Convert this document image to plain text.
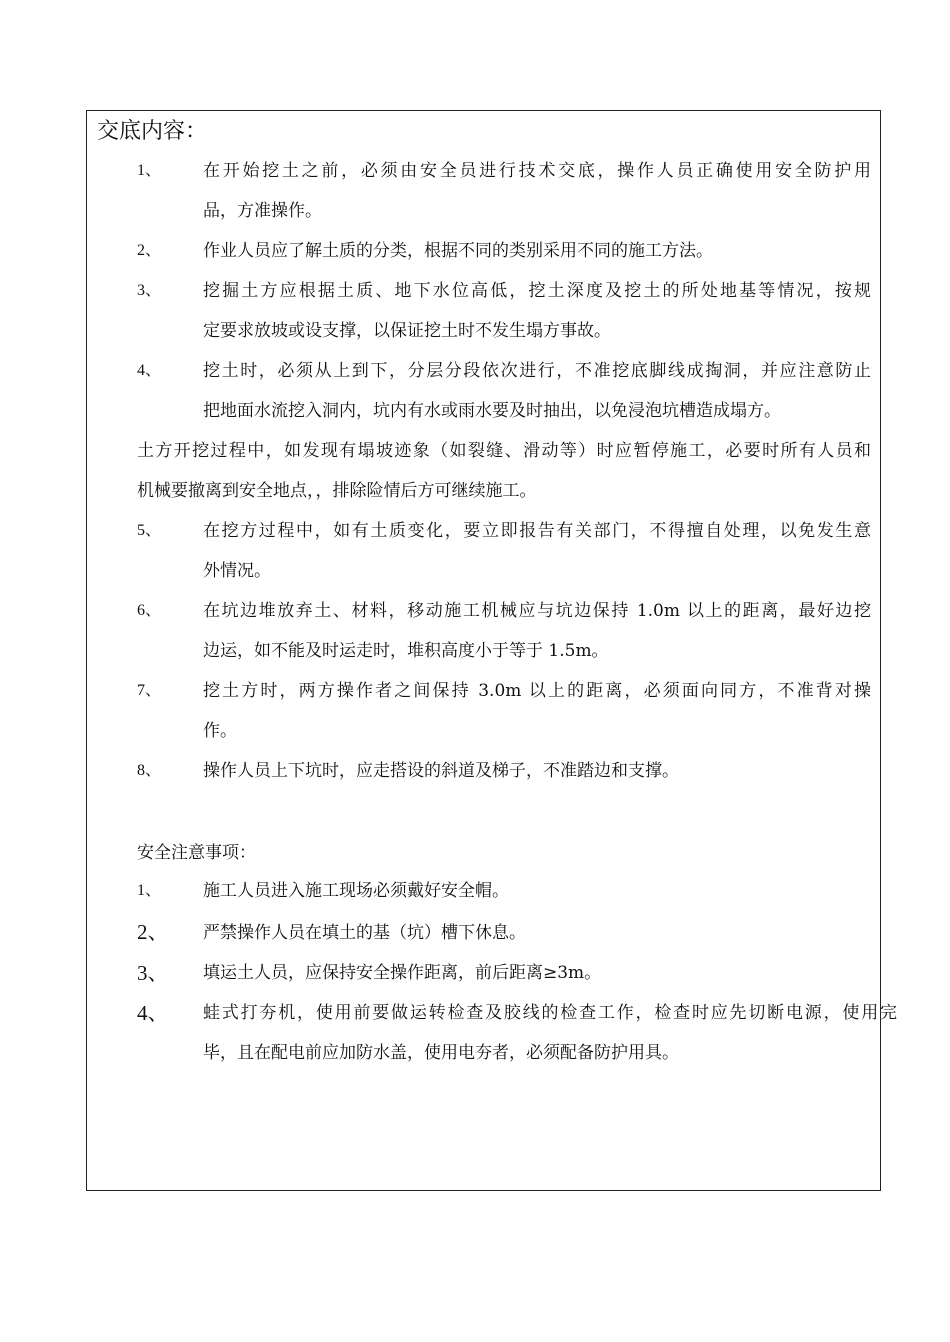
交底内容：
1、 在开始挖土之前，必须由安全员进行技术交底，操作人员正确使用安全防护用
品，方准操作。
2、 作业人员应了解土质的分类，根据不同的类别采用不同的施工方法。
3、 挖掘土方应根据土质、地下水位高低，挖土深度及挖土的所处地基等情况，按规
定要求放坡或设支撑，以保证挖土时不发生塌方事故。
4、 挖土时，必须从上到下，分层分段依次进行，不准挖底脚线成掏洞，并应注意防止
把地面水流挖入洞内，坑内有水或雨水要及时抽出，以免浸泡坑槽造成塌方。
土方开挖过程中，如发现有塌坡迹象（如裂缝、滑动等）时应暂停施工，必要时所有人员和
机械要撤离到安全地点，，排除险情后方可继续施工。
5、 在挖方过程中，如有土质变化，要立即报告有关部门，不得擅自处理，以免发生意
外情况。
6、 在坑边堆放弃土、材料，移动施工机械应与坑边保持 1.0m 以上的距离，最好边挖
边运，如不能及时运走时，堆积高度小于等于 1.5m。
7、 挖土方时，两方操作者之间保持 3.0m 以上的距离，必须面向同方，不准背对操
作。
8、 操作人员上下坑时，应走搭设的斜道及梯子，不准踏边和支撑。
安全注意事项：
1、 施工人员进入施工现场必须戴好安全帽。
2、 严禁操作人员在填土的基（坑）槽下休息。
3、 填运土人员，应保持安全操作距离，前后距离≥3m。
4、 蛙式打夯机，使用前要做运转检查及胶线的检查工作，检查时应先切断电源，使用完
毕，且在配电前应加防水盖，使用电夯者，必须配备防护用具。
